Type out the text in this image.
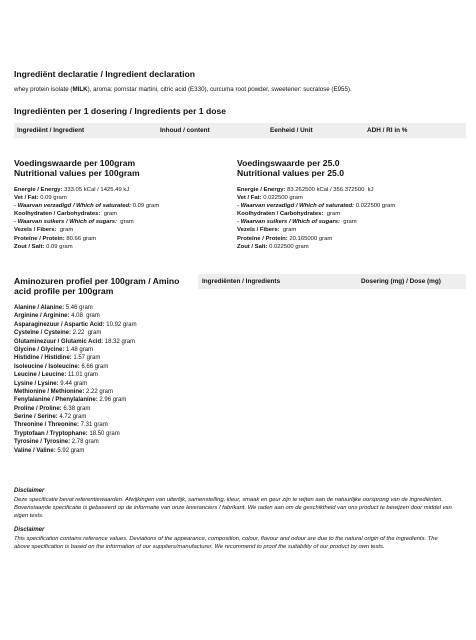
Ingrediënt declaratie / Ingredient declaration
whey protein isolate (MILK), aroma: pornstar martini, citric acid (E330), curcuma root powder, sweetener: sucralose (E955).
Ingrediënten per 1 dosering / Ingredients per 1 dose
Ingrediënt / Ingredient	Inhoud / content	Eenheid / Unit	ADH / RI in %
Voedingswaarde per 100gram
Nutritional values per 100gram
Energie / Energy: 333.05 kCal / 1425.49 kJ
Vet / Fat: 0.09 gram
- Waarvan verzadigd / Which of saturated: 0.09 gram
Koolhydraten / Carbohydrates:  gram
- Waarvan suikers / Which of sugars:  gram
Vezels / Fibers:  gram
Proteïne / Protein: 80.66 gram
Zout / Salt: 0.09 gram
Voedingswaarde per 25.0
Nutritional values per 25.0
Energie / Energy: 83.262500 kCal / 356.372500  kJ
Vet / Fat: 0.022500 gram
- Waarvan verzadigd / Which of saturated: 0.022500 gram
Koolhydraten / Carbohydrates:  gram
- Waarvan suikers / Which of sugars:  gram
Vezels / Fibers:  gram
Proteïne / Protein: 20.165000 gram
Zout / Salt: 0.022500 gram
Aminozuren profiel per 100gram / Amino
acid profile per 100gram
Alanine / Alanine: 5.46 gram
Arginine / Arginine: 4.08  gram
Asparaginezuur / Aspartic Acid: 10.92 gram
Cysteïne / Cysteine: 2.22  gram
Glutaminezuur / Glutamic Acid: 18.32 gram
Glycine / Glycine: 1.48 gram
Histidine / Histidine: 1.57 gram
Isoleucine / Isoleucine: 6.66 gram
Leucine / Leucine: 11.01 gram
Lysine / Lysine: 9.44 gram
Methionine / Methionine: 2.22 gram
Fenylalanine / Phenylalanine: 2.96 gram
Proline / Proline: 6.38 gram
Serine / Serine: 4.72 gram
Threonine / Threonine: 7.31 gram
Tryptofaan / Tryptophane: 18.50 gram
Tyrosine / Tyrosine: 2.78 gram
Valine / Valine: 5.92 gram
Ingrediënten / Ingredients	Dosering (mg) / Dose (mg)
Disclaimer
Deze specificatie bevat referentiewaarden. Afwijkingen van uiterlijk, samenstelling, kleur, smaak en geur zijn te wijten aan de natuurlijke oorsprong van de ingrediënten. Bovenstaande specificatie is gebaseerd op de informatie van onze leveranciers / fabrikant. We raden aan om de geschiktheid van ons product te bewijzen door middel van eigen tests.
Disclaimer
This specification contains reference values. Deviations of the appearance, composition, colour, flavour and odour are due to the natural origin of the ingredients. The above specification is based on the information of our suppliers/manufacturer. We recommend to proof the suitability of our product by own tests.
